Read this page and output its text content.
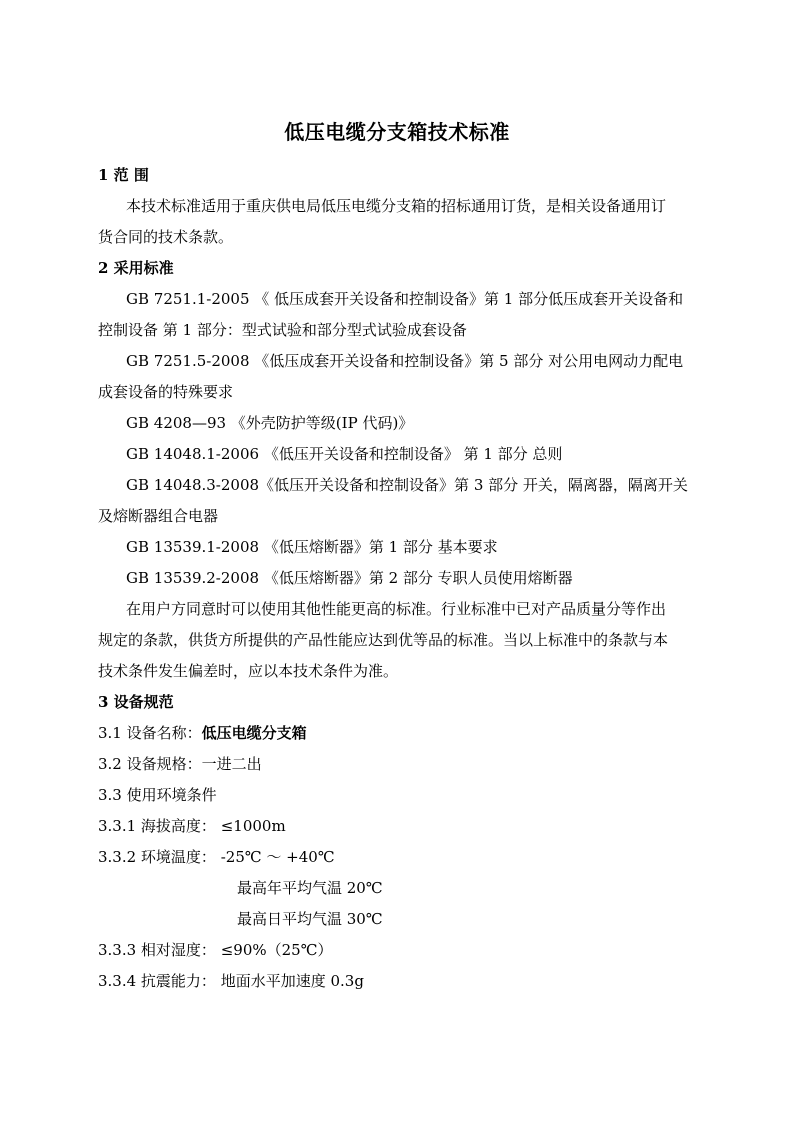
低压电缆分支箱技术标准
1 范 围
本技术标准适用于重庆供电局低压电缆分支箱的招标通用订货，是相关设备通用订
货合同的技术条款。
2 采用标准
GB 7251.1-2005 《 低压成套开关设备和控制设备》第 1 部分低压成套开关设备和
控制设备 第 1 部分：型式试验和部分型式试验成套设备
GB 7251.5-2008 《低压成套开关设备和控制设备》第 5 部分 对公用电网动力配电
成套设备的特殊要求
GB 4208—93 《外壳防护等级(IP 代码)》
GB 14048.1-2006 《低压开关设备和控制设备》 第 1 部分 总则
GB 14048.3-2008《低压开关设备和控制设备》第 3 部分 开关，隔离器，隔离开关
及熔断器组合电器
GB 13539.1-2008 《低压熔断器》第 1 部分 基本要求
GB 13539.2-2008 《低压熔断器》第 2 部分 专职人员使用熔断器
在用户方同意时可以使用其他性能更高的标准。行业标准中已对产品质量分等作出
规定的条款，供货方所提供的产品性能应达到优等品的标准。当以上标准中的条款与本
技术条件发生偏差时，应以本技术条件为准。
3 设备规范
3.1 设备名称：低压电缆分支箱
3.2 设备规格：一进二出
3.3 使用环境条件
3.3.1 海拔高度： ≤1000m
3.3.2 环境温度： -25℃ ～ +40℃
最高年平均气温 20℃
最高日平均气温 30℃
3.3.3 相对湿度： ≤90%（25℃）
3.3.4 抗震能力： 地面水平加速度 0.3g
